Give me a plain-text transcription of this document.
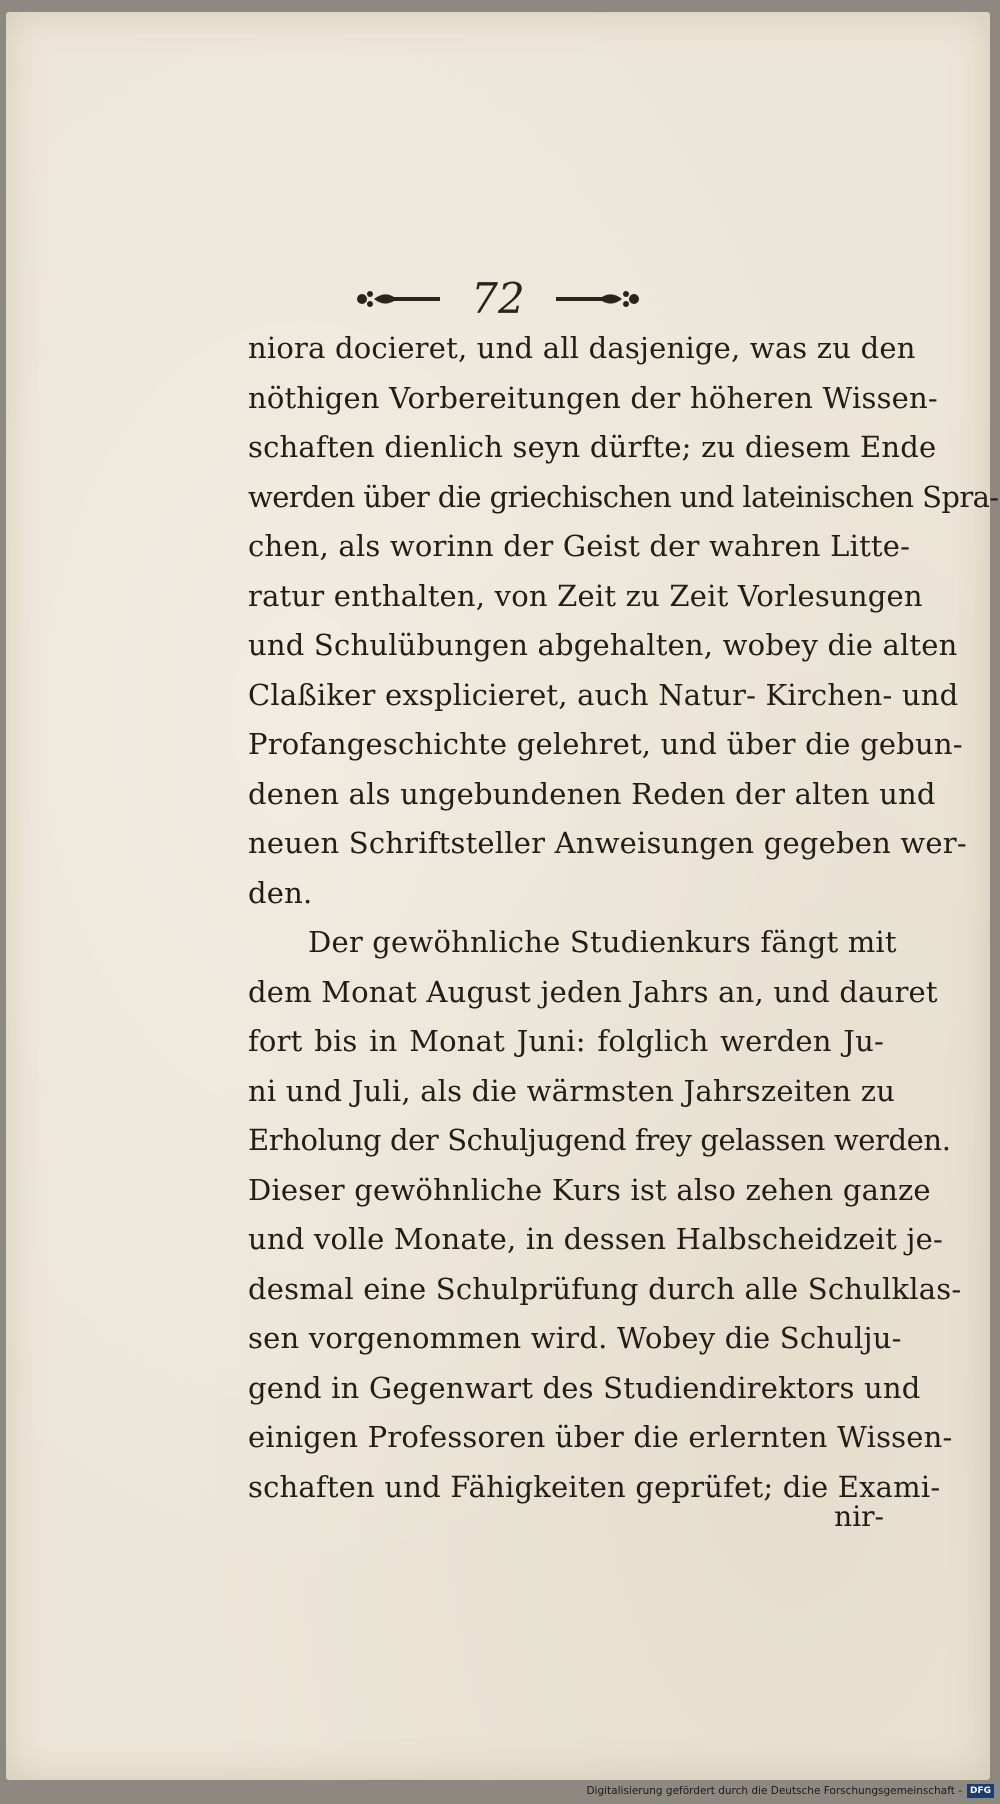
72
niora docieret, und all dasjenige, was zu den
nöthigen Vorbereitungen der höheren Wissen-
schaften dienlich seyn dürfte; zu diesem Ende
werden über die griechischen und lateinischen Spra-
chen, als worinn der Geist der wahren Litte-
ratur enthalten, von Zeit zu Zeit Vorlesungen
und Schulübungen abgehalten, wobey die alten
Claßiker exsplicieret, auch Natur- Kirchen- und
Profangeschichte gelehret, und über die gebun-
denen als ungebundenen Reden der alten und
neuen Schriftsteller Anweisungen gegeben wer-
den.
Der gewöhnliche Studienkurs fängt mit
dem Monat August jeden Jahrs an, und dauret
fort bis in Monat Juni: folglich werden Ju-
ni und Juli, als die wärmsten Jahrszeiten zu
Erholung der Schuljugend frey gelassen werden.
Dieser gewöhnliche Kurs ist also zehen ganze
und volle Monate, in dessen Halbscheidzeit je-
desmal eine Schulprüfung durch alle Schulklas-
sen vorgenommen wird. Wobey die Schulju-
gend in Gegenwart des Studiendirektors und
einigen Professoren über die erlernten Wissen-
schaften und Fähigkeiten geprüfet; die Exami-
nir-
Digitalisierung gefördert durch die Deutsche Forschungsgemeinschaft - DFG
